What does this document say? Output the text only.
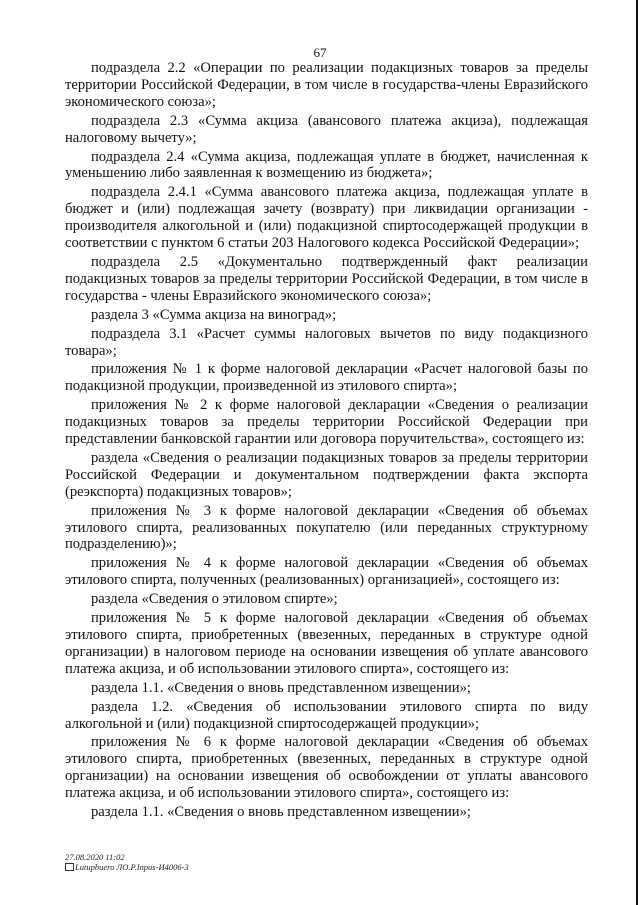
67

подраздела 2.2 «Операции по реализации подакцизных товаров за пределы территории Российской Федерации, в том числе в государства-члены Евразийского экономического союза»;

подраздела 2.3 «Сумма акциза (авансового платежа акциза), подлежащая налоговому вычету»;

подраздела 2.4 «Сумма акциза, подлежащая уплате в бюджет, начисленная к уменьшению либо заявленная к возмещению из бюджета»;

подраздела 2.4.1 «Сумма авансового платежа акциза, подлежащая уплате в бюджет и (или) подлежащая зачету (возврату) при ликвидации организации - производителя алкогольной и (или) подакцизной спиртосодержащей продукции в соответствии с пунктом 6 статьи 203 Налогового кодекса Российской Федерации»;

подраздела 2.5 «Документально подтвержденный факт реализации подакцизных товаров за пределы территории Российской Федерации, в том числе в государства - члены Евразийского экономического союза»;

раздела 3 «Сумма акциза на виноград»;

подраздела 3.1 «Расчет суммы налоговых вычетов по виду подакцизного товара»;

приложения № 1 к форме налоговой декларации «Расчет налоговой базы по подакцизной продукции, произведенной из этилового спирта»;

приложения № 2 к форме налоговой декларации «Сведения о реализации подакцизных товаров за пределы территории Российской Федерации при представлении банковской гарантии или договора поручительства», состоящего из:

раздела «Сведения о реализации подакцизных товаров за пределы территории Российской Федерации и документальном подтверждении факта экспорта (реэкспорта) подакцизных товаров»;

приложения № 3 к форме налоговой декларации «Сведения об объемах этилового спирта, реализованных покупателю (или переданных структурному подразделению)»;

приложения № 4 к форме налоговой декларации «Сведения об объемах этилового спирта, полученных (реализованных) организацией», состоящего из:

раздела «Сведения о этиловом спирте»;

приложения № 5 к форме налоговой декларации «Сведения об объемах этилового спирта, приобретенных (ввезенных, переданных в структуре одной организации) в налоговом периоде на основании извещения об уплате авансового платежа акциза, и об использовании этилового спирта», состоящего из:

раздела 1.1. «Сведения о вновь представленном извещении»;

раздела 1.2. «Сведения об использовании этилового спирта по виду алкогольной и (или) подакцизной спиртосодержащей продукции»;

приложения № 6 к форме налоговой декларации «Сведения об объемах этилового спирта, приобретенных (ввезенных, переданных в структуре одной организации) на основании извещения об освобождении от уплаты авансового платежа акциза, и об использовании этилового спирта», состоящего из:

раздела 1.1. «Сведения о вновь представленном извещении»;

27.08.2020 11:02
Lutupbuero ЛО.P.Inpus-И4006-3
